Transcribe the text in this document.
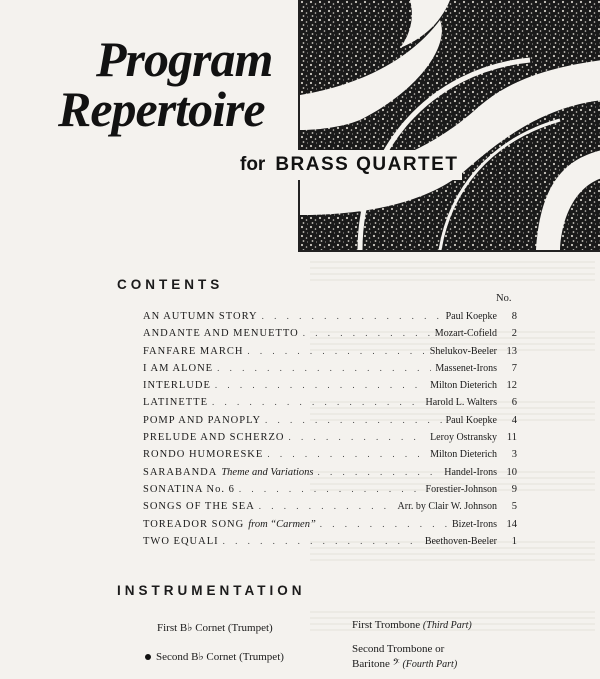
Program
Repertoire
for BRASS QUARTET
CONTENTS
No.
AN AUTUMN STORY . . .	Paul Koepke	8
ANDANTE AND MENUETTO . . .	Mozart-Cofield	2
FANFARE MARCH . . .	Shelukov-Beeler 13
I AM ALONE . . .	Massenet-Irons	7
INTERLUDE . . .	Milton Dieterich 12
LATINETTE . . .	Harold L. Walters	6
POMP AND PANOPLY . . .	Paul Koepke	4
PRELUDE AND SCHERZO . . .	Leroy Ostransky 11
RONDO HUMORESKE . . .	Milton Dieterich	3
SARABANDA Theme and Variations . . .	Handel-Irons 10
SONATINA No. 6 . . .	Forestier-Johnson	9
SONGS OF THE SEA . . .	Arr. by Clair W. Johnson	5
TOREADOR SONG from “Carmen” . . .	Bizet-Irons 14
TWO EQUALI . . .	Beethoven-Beeler	1
INSTRUMENTATION
First B♭ Cornet (Trumpet)
Second B♭ Cornet (Trumpet)
First Trombone (Third Part)
Second Trombone or
Baritone 𝄢 (Fourth Part)
